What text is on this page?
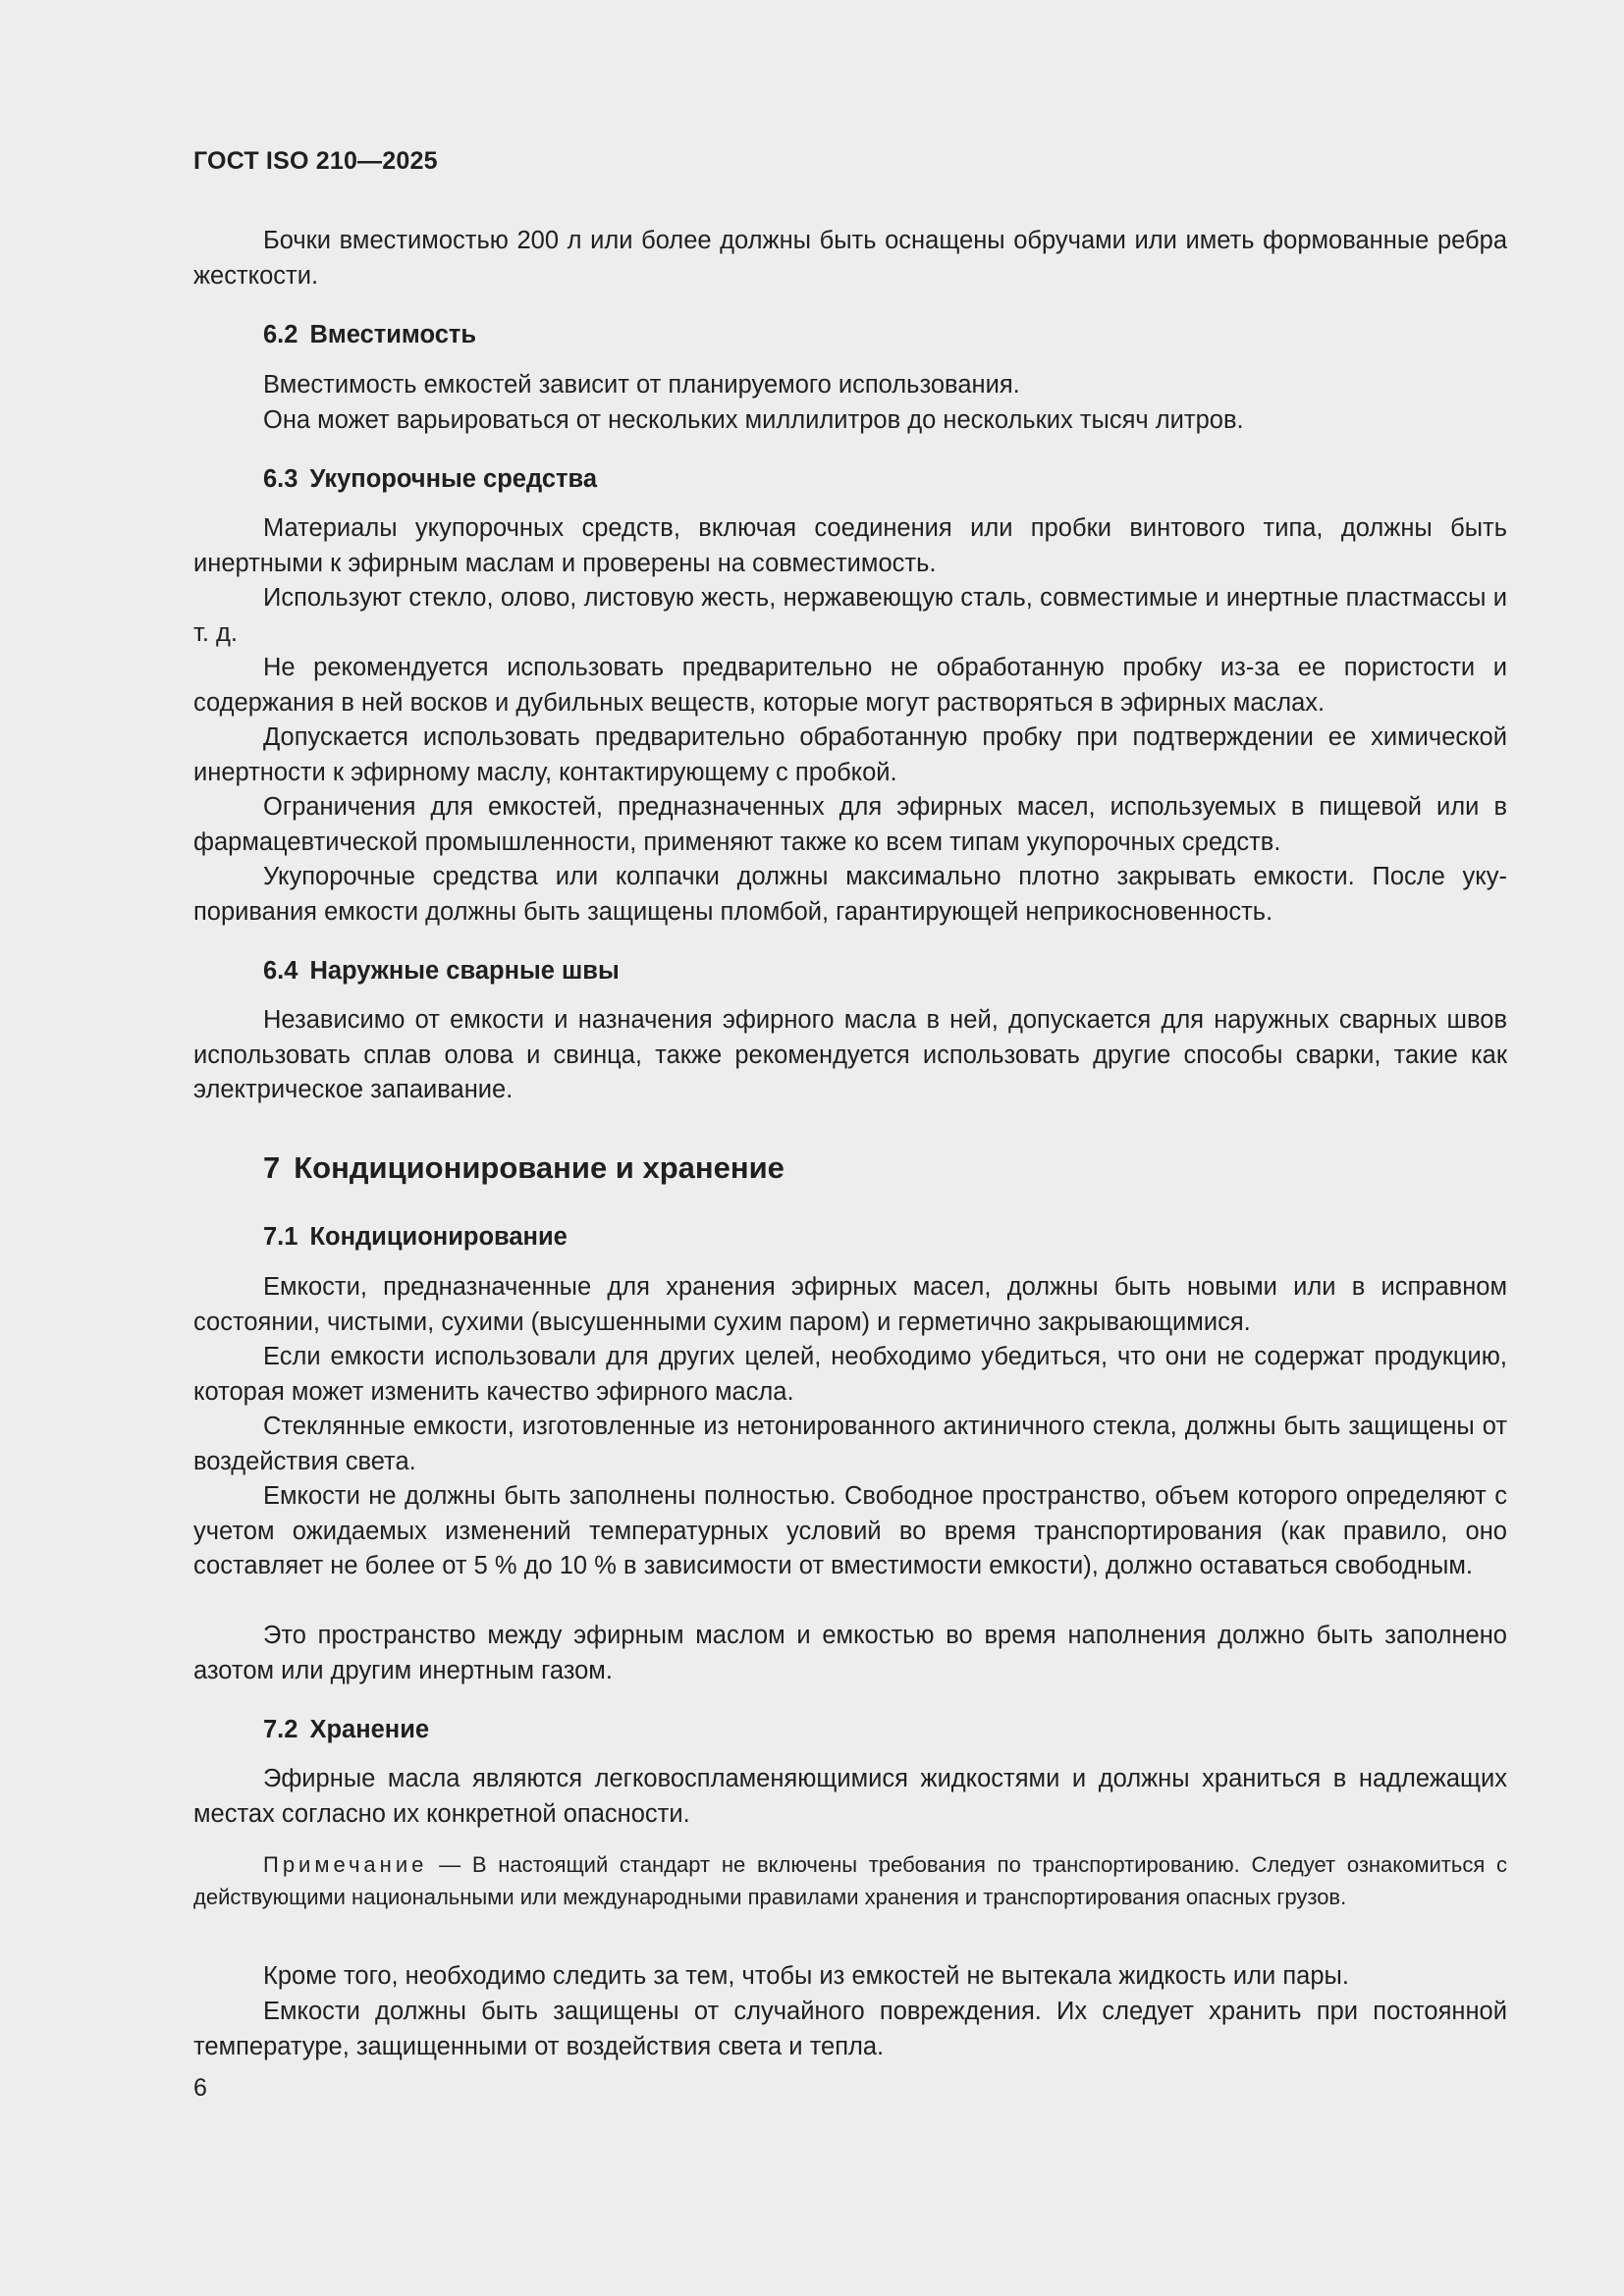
ГОСТ ISO 210—2025

Бочки вместимостью 200 л или более должны быть оснащены обручами или иметь формованные ребра жесткости.

6.2 Вместимость

Вместимость емкостей зависит от планируемого использования.

Она может варьироваться от нескольких миллилитров до нескольких тысяч литров.

6.3 Укупорочные средства

Материалы укупорочных средств, включая соединения или пробки винтового типа, должны быть инертными к эфирным маслам и проверены на совместимость.

Используют стекло, олово, листовую жесть, нержавеющую сталь, совместимые и инертные пластмассы и т. д.

Не рекомендуется использовать предварительно не обработанную пробку из-за ее пористости и содержания в ней восков и дубильных веществ, которые могут растворяться в эфирных маслах.

Допускается использовать предварительно обработанную пробку при подтверждении ее химической инертности к эфирному маслу, контактирующему с пробкой.

Ограничения для емкостей, предназначенных для эфирных масел, используемых в пищевой или в фармацевтической промышленности, применяют также ко всем типам укупорочных средств.

Укупорочные средства или колпачки должны максимально плотно закрывать емкости. После укупоривания емкости должны быть защищены пломбой, гарантирующей неприкосновенность.

6.4 Наружные сварные швы

Независимо от емкости и назначения эфирного масла в ней, допускается для наружных сварных швов использовать сплав олова и свинца, также рекомендуется использовать другие способы сварки, такие как электрическое запаивание.

7 Кондиционирование и хранение
7.1 Кондиционирование

Емкости, предназначенные для хранения эфирных масел, должны быть новыми или в исправном состоянии, чистыми, сухими (высушенными сухим паром) и герметично закрывающимися.

Если емкости использовали для других целей, необходимо убедиться, что они не содержат продукцию, которая может изменить качество эфирного масла.

Стеклянные емкости, изготовленные из нетонированного актиничного стекла, должны быть защищены от воздействия света.

Емкости не должны быть заполнены полностью. Свободное пространство, объем которого определяют с учетом ожидаемых изменений температурных условий во время транспортирования (как правило, оно составляет не более от 5 % до 10 % в зависимости от вместимости емкости), должно оставаться свободным.

Это пространство между эфирным маслом и емкостью во время наполнения должно быть заполнено азотом или другим инертным газом.

7.2 Хранение

Эфирные масла являются легковоспламеняющимися жидкостями и должны храниться в надлежащих местах согласно их конкретной опасности.

Примечание — В настоящий стандарт не включены требования по транспортированию. Следует ознакомиться с действующими национальными или международными правилами хранения и транспортирования опасных грузов.

Кроме того, необходимо следить за тем, чтобы из емкостей не вытекала жидкость или пары.

Емкости должны быть защищены от случайного повреждения. Их следует хранить при постоянной температуре, защищенными от воздействия света и тепла.

6
